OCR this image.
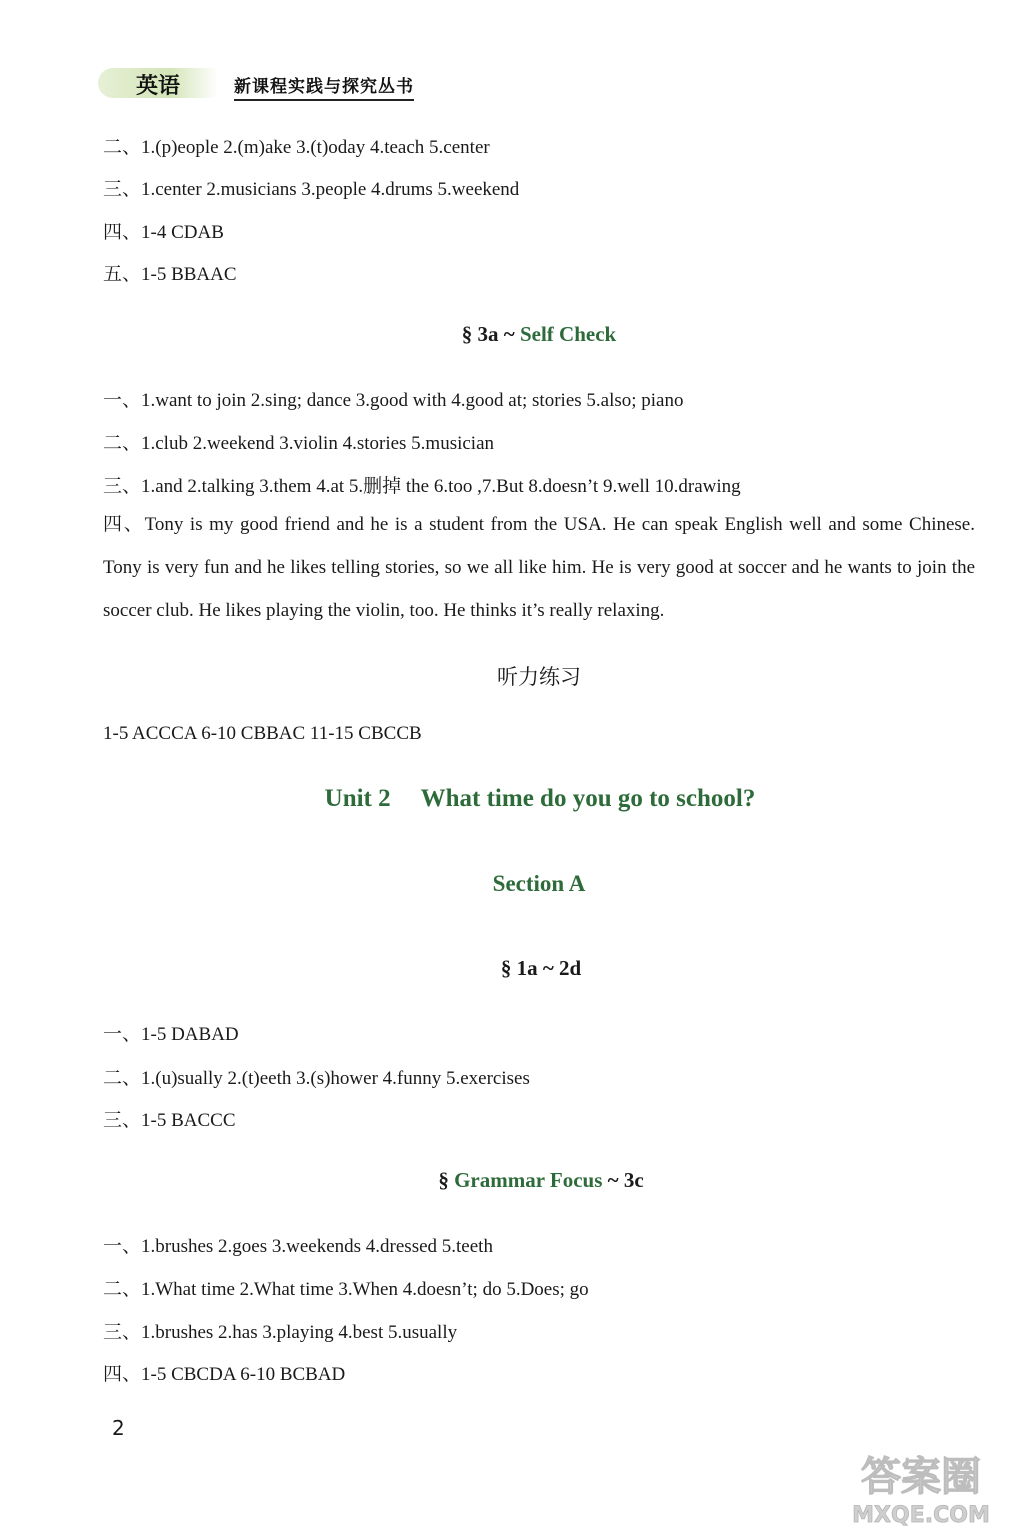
英语	新课程实践与探究丛书
二、1.(p)eople 2.(m)ake 3.(t)oday 4.teach 5.center
三、1.center 2.musicians 3.people 4.drums 5.weekend
四、1-4 CDAB
五、1-5 BBAAC
§ 3a ~ Self Check
一、1.want to join 2.sing; dance 3.good with 4.good at; stories 5.also; piano
二、1.club 2.weekend 3.violin 4.stories 5.musician
三、1.and 2.talking 3.them 4.at 5.删掉 the 6.too ,7.But 8.doesn’t 9.well 10.drawing
四、Tony is my good friend and he is a student from the USA. He can speak English well and some Chinese. Tony is very fun and he likes telling stories, so we all like him. He is very good at soccer and he wants to join the soccer club. He likes playing the violin, too. He thinks it’s really relaxing.
听力练习
1-5 ACCCA 6-10 CBBAC 11-15 CBCCB
Unit 2 What time do you go to school?
Section A
§ 1a ~ 2d
一、1-5 DABAD
二、1.(u)sually 2.(t)eeth 3.(s)hower 4.funny 5.exercises
三、1-5 BACCC
§ Grammar Focus ~ 3c
一、1.brushes 2.goes 3.weekends 4.dressed 5.teeth
二、1.What time 2.What time 3.When 4.doesn’t; do 5.Does; go
三、1.brushes 2.has 3.playing 4.best 5.usually
四、1-5 CBCDA 6-10 BCBAD
2
答案圈
MXQE.COM
